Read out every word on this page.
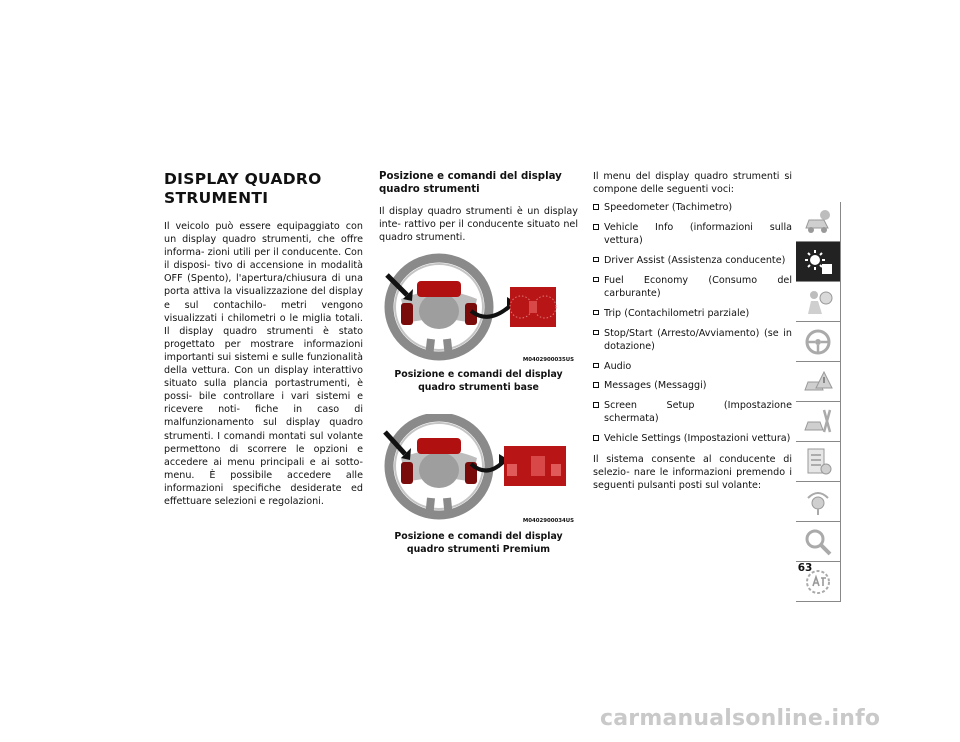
DISPLAY QUADRO STRUMENTI

Il veicolo può essere equipaggiato con un display quadro strumenti, che offre informa- zioni utili per il conducente. Con il disposi- tivo di accensione in modalità OFF (Spento), l'apertura/chiusura di una porta attiva la visualizzazione del display e sul contachilo- metri vengono visualizzati i chilometri o le miglia totali. Il display quadro strumenti è stato progettato per mostrare informazioni importanti sui sistemi e sulle funzionalità della vettura. Con un display interattivo situato sulla plancia portastrumenti, è possi- bile controllare i vari sistemi e ricevere noti- fiche in caso di malfunzionamento sul display quadro strumenti. I comandi montati sul volante permettono di scorrere le opzioni e accedere ai menu principali e ai sotto- menu. È possibile accedere alle informazioni specifiche desiderate ed effettuare selezioni e regolazioni.

Posizione e comandi del display quadro strumenti

Il display quadro strumenti è un display inte- rattivo per il conducente situato nel quadro strumenti.

M0402900035US

Posizione e comandi del display quadro strumenti base

M0402900034US

Posizione e comandi del display quadro strumenti Premium

Il menu del display quadro strumenti si compone delle seguenti voci:

Speedometer (Tachimetro)
Vehicle Info (informazioni sulla vettura)
Driver Assist (Assistenza conducente)
Fuel Economy (Consumo del carburante)
Trip (Contachilometri parziale)
Stop/Start (Arresto/Avviamento) (se in dotazione)
Audio
Messages (Messaggi)
Screen Setup (Impostazione schermata)
Vehicle Settings (Impostazioni vettura)

Il sistema consente al conducente di selezio- nare le informazioni premendo i seguenti pulsanti posti sul volante:

63
carmanualsonline.info
